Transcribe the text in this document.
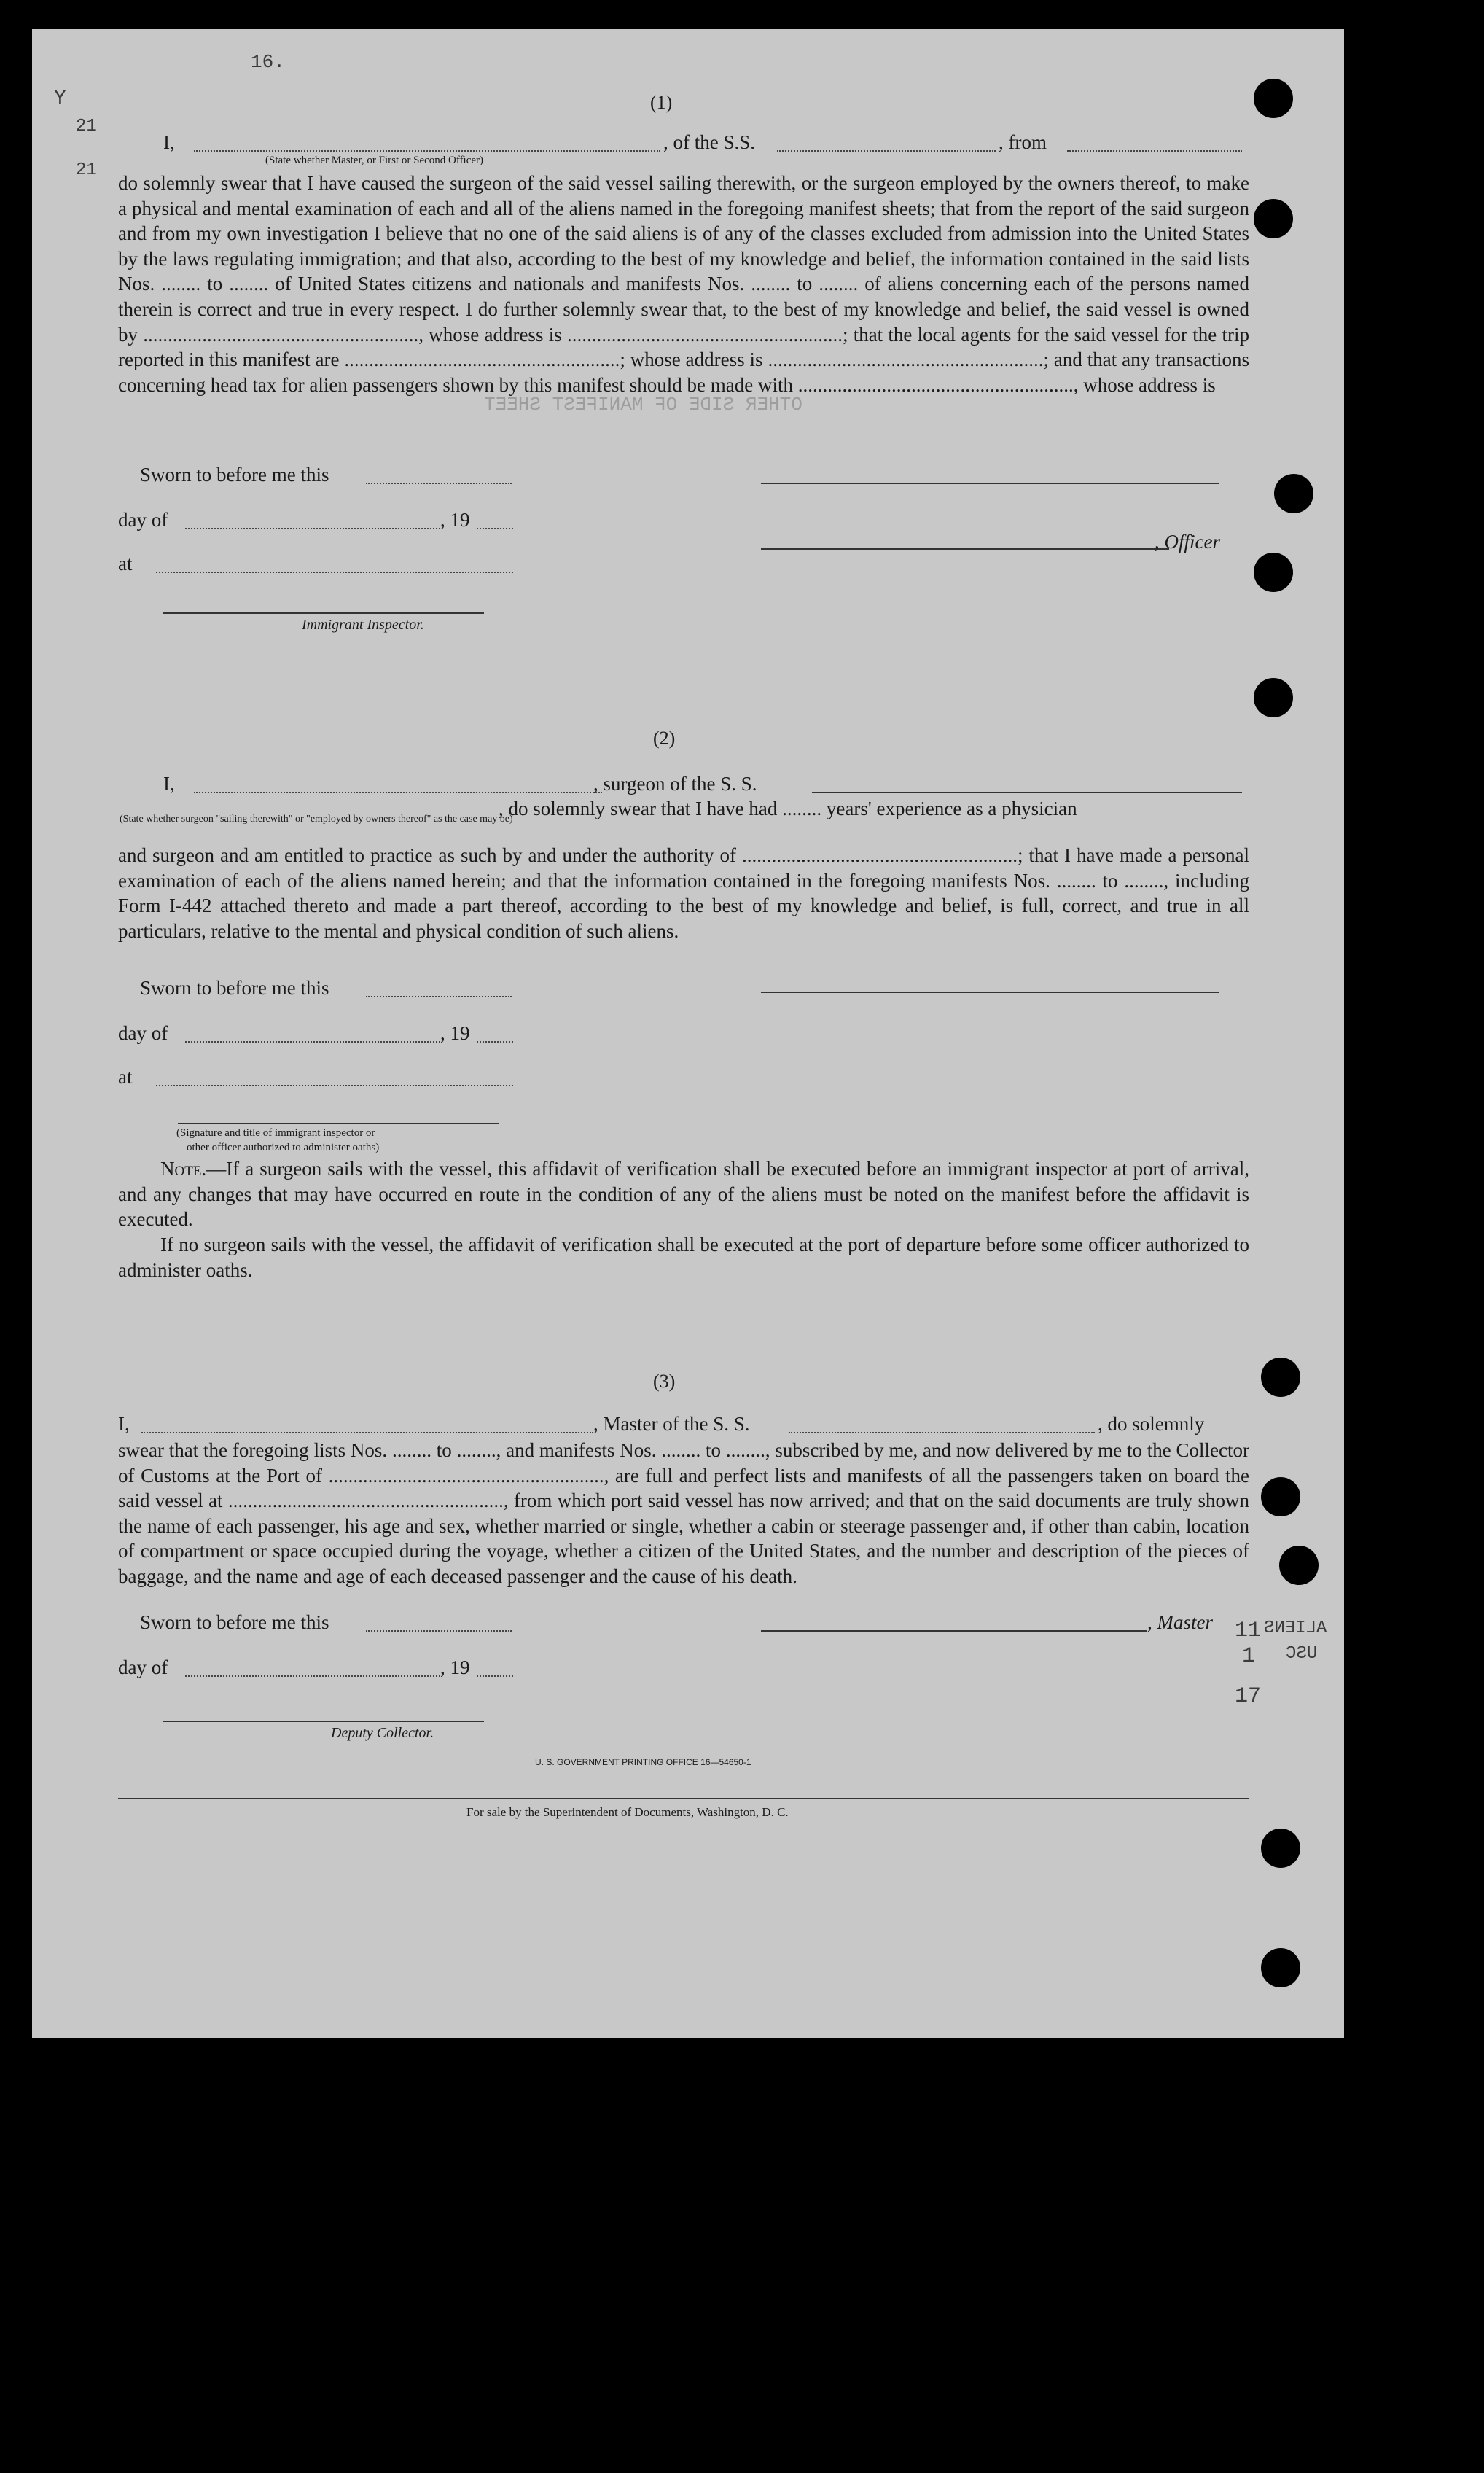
OTHER SIDE OF MANIFEST SHEET
Y
21
21
16.
ALIENS
USC
11
1
17
(1)
I,	, of the S.S.	, from
(State whether Master, or First or Second Officer)

do solemnly swear that I have caused the surgeon of the said vessel sailing therewith, or the surgeon employed by the owners thereof, to make a physical and mental examination of each and all of the aliens named in the foregoing manifest sheets; that from the report of the said surgeon and from my own investigation I believe that no one of the said aliens is of any of the classes excluded from admission into the United States by the laws regulating immigration; and that also, according to the best of my knowledge and belief, the information contained in the said lists Nos. ........ to ........ of United States citizens and nationals and manifests Nos. ........ to ........ of aliens concerning each of the persons named therein is correct and true in every respect. I do further solemnly swear that, to the best of my knowledge and belief, the said vessel is owned by ........................................................, whose address is ........................................................; that the local agents for the said vessel for the trip reported in this manifest are ........................................................; whose address is ........................................................; and that any transactions concerning head tax for alien passengers shown by this manifest should be made with ........................................................, whose address is

Sworn to before me this
day of	, 19
at
, Officer
Immigrant Inspector.
(2)
I,	, surgeon of the S. S.
(State whether surgeon "sailing therewith" or "employed by owners thereof" as the case may be)
, do solemnly swear that I have had ........ years' experience as a physician

and surgeon and am entitled to practice as such by and under the authority of ........................................................; that I have made a personal examination of each of the aliens named herein; and that the information contained in the foregoing manifests Nos. ........ to ........, including Form I-442 attached thereto and made a part thereof, according to the best of my knowledge and belief, is full, correct, and true in all particulars, relative to the mental and physical condition of such aliens.

Sworn to before me this
day of	, 19
at
(Signature and title of immigrant inspector or
other officer authorized to administer oaths)

Note.—If a surgeon sails with the vessel, this affidavit of verification shall be executed before an immigrant inspector at port of arrival, and any changes that may have occurred en route in the condition of any of the aliens must be noted on the manifest before the affidavit is executed.

If no surgeon sails with the vessel, the affidavit of verification shall be executed at the port of departure before some officer authorized to administer oaths.

(3)
I,	, Master of the S. S.	, do solemnly

swear that the foregoing lists Nos. ........ to ........, and manifests Nos. ........ to ........, subscribed by me, and now delivered by me to the Collector of Customs at the Port of ........................................................, are full and perfect lists and manifests of all the passengers taken on board the said vessel at ........................................................, from which port said vessel has now arrived; and that on the said documents are truly shown the name of each passenger, his age and sex, whether married or single, whether a cabin or steerage passenger and, if other than cabin, location of compartment or space occupied during the voyage, whether a citizen of the United States, and the number and description of the pieces of baggage, and the name and age of each deceased passenger and the cause of his death.

Sworn to before me this	, Master
day of	, 19
Deputy Collector.
U. S. GOVERNMENT PRINTING OFFICE 16—54650-1
For sale by the Superintendent of Documents, Washington, D. C.
